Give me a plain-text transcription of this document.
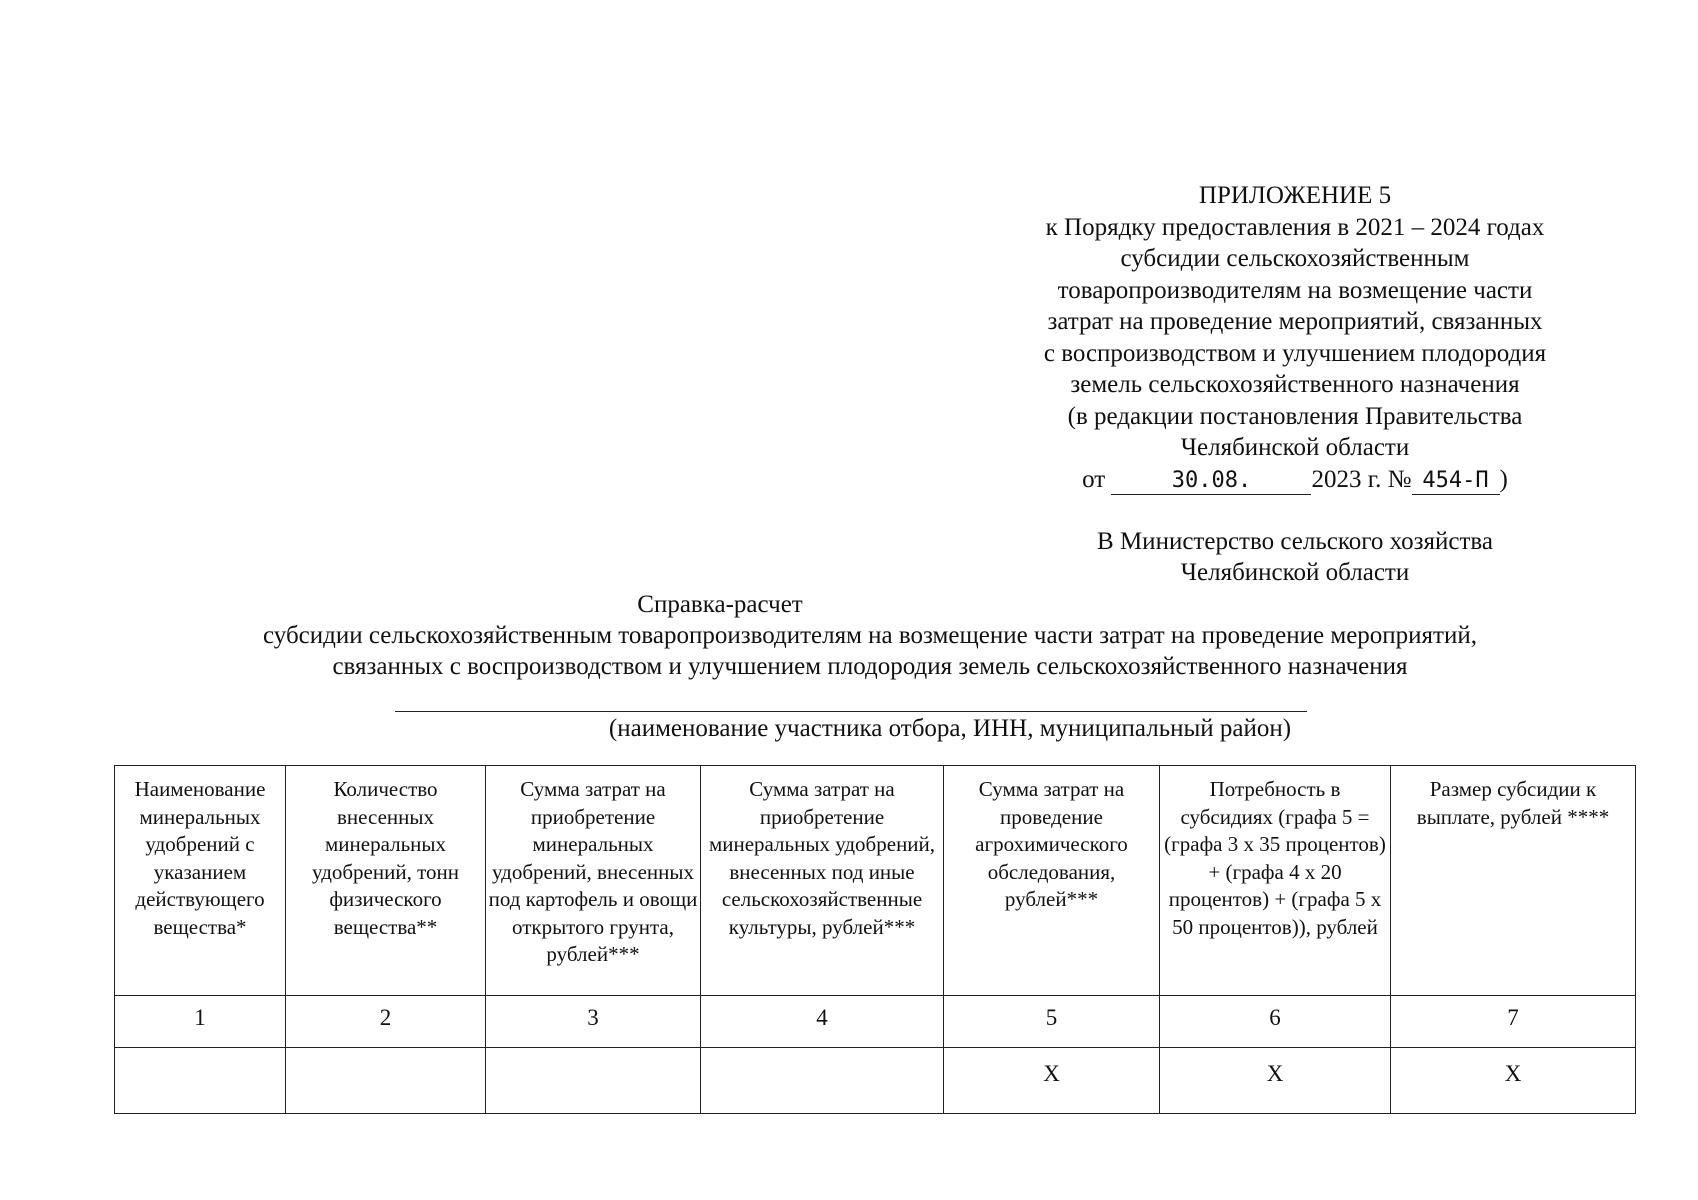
ПРИЛОЖЕНИЕ 5
к Порядку предоставления в 2021 – 2024 годах
субсидии сельскохозяйственным
товаропроизводителям на возмещение части
затрат на проведение мероприятий, связанных
с воспроизводством и улучшением плодородия
земель сельскохозяйственного назначения
(в редакции постановления Правительства
Челябинской области
от	30.08. 2023 г. № 454-П )
В Министерство сельского хозяйства
Челябинской области
Справка-расчет
субсидии сельскохозяйственным товаропроизводителям на возмещение части затрат на проведение мероприятий,
связанных с воспроизводством и улучшением плодородия земель сельскохозяйственного назначения
(наименование участника отбора, ИНН, муниципальный район)
Наименование минеральных удобрений с указанием действующего вещества*	Количество внесенных минеральных удобрений, тонн физического вещества**	Сумма затрат на приобретение минеральных удобрений, внесенных под картофель и овощи открытого грунта, рублей***	Сумма затрат на приобретение минеральных удобрений, внесенных под иные сельскохозяйственные культуры, рублей***	Сумма затрат на проведение агрохимического обследования, рублей***	Потребность в субсидиях (графа 5 = (графа 3 х 35 процентов) + (графа 4 х 20 процентов) + (графа 5 х 50 процентов)), рублей	Размер субсидии к выплате, рублей ****
1	2	3	4	5	6	7
				Х	Х	Х
